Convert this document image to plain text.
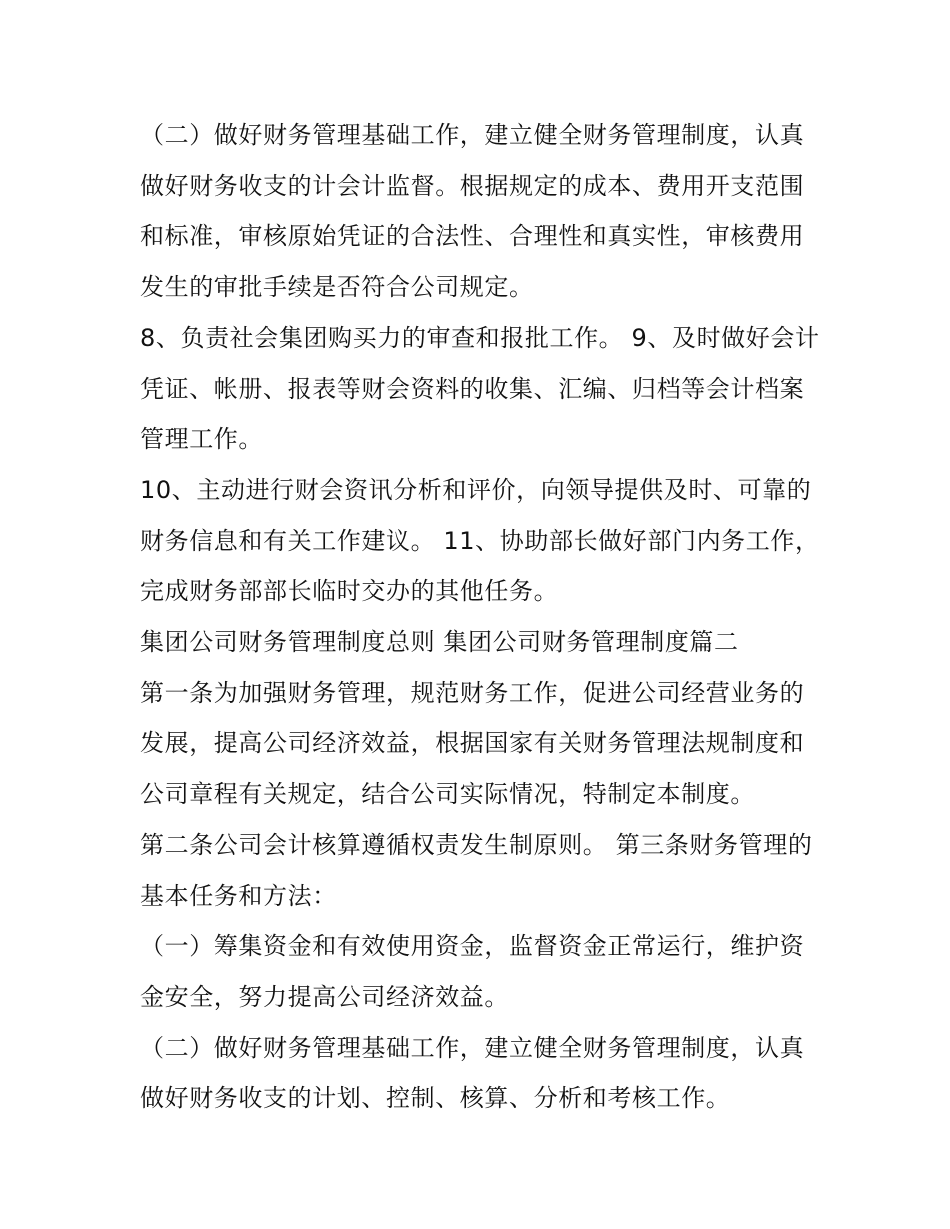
（二）做好财务管理基础工作，建立健全财务管理制度，认真做好财务收支的计会计监督。根据规定的成本、费用开支范围和标准，审核原始凭证的合法性、合理性和真实性，审核费用发生的审批手续是否符合公司规定。

8、负责社会集团购买力的审查和报批工作。 9、及时做好会计凭证、帐册、报表等财会资料的收集、汇编、归档等会计档案管理工作。

10、主动进行财会资讯分析和评价，向领导提供及时、可靠的财务信息和有关工作建议。 11、协助部长做好部门内务工作，完成财务部部长临时交办的其他任务。

集团公司财务管理制度总则 集团公司财务管理制度篇二

第一条为加强财务管理，规范财务工作，促进公司经营业务的发展，提高公司经济效益，根据国家有关财务管理法规制度和公司章程有关规定，结合公司实际情况，特制定本制度。

第二条公司会计核算遵循权责发生制原则。 第三条财务管理的基本任务和方法：

（一）筹集资金和有效使用资金，监督资金正常运行，维护资金安全，努力提高公司经济效益。

（二）做好财务管理基础工作，建立健全财务管理制度，认真做好财务收支的计划、控制、核算、分析和考核工作。
